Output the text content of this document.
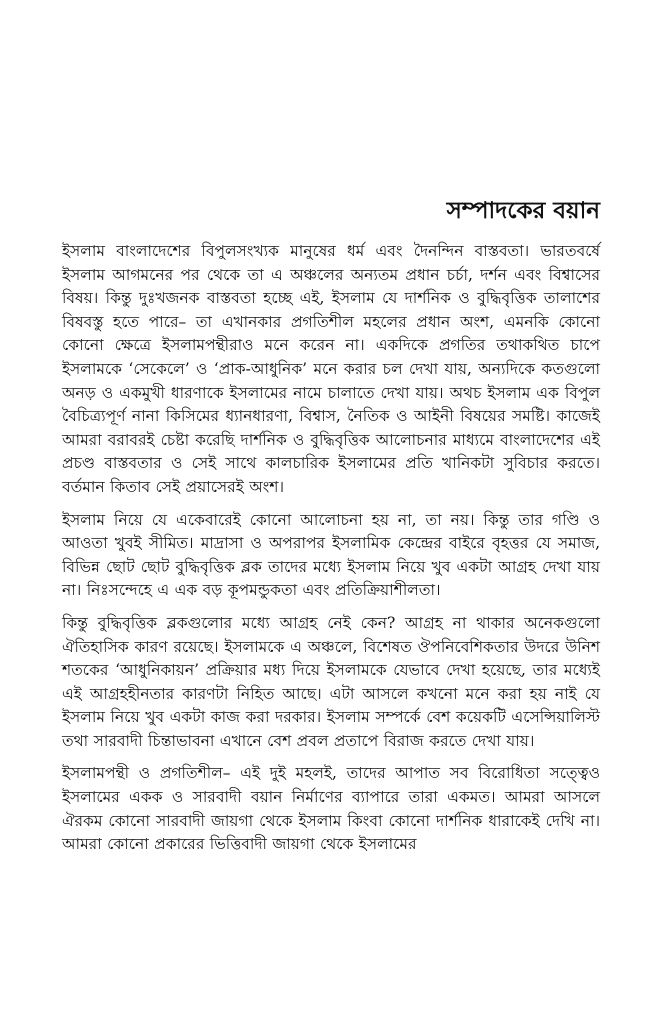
সম্পাদকের বয়ান

ইসলাম বাংলাদেশের বিপুলসংখ্যক মানুষের ধর্ম এবং দৈনন্দিন বাস্তবতা। ভারতবর্ষে ইসলাম আগমনের পর থেকে তা এ অঞ্চলের অন্যতম প্রধান চর্চা, দর্শন এবং বিশ্বাসের বিষয়। কিন্তু দুঃখজনক বাস্তবতা হচ্ছে এই, ইসলাম যে দার্শনিক ও বুদ্ধিবৃত্তিক তালাশের বিষবস্তু হতে পারে– তা এখানকার প্রগতিশীল মহলের প্রধান অংশ, এমনকি কোনো কোনো ক্ষেত্রে ইসলামপন্থীরাও মনে করেন না। একদিকে প্রগতির তথাকথিত চাপে ইসলামকে ‘সেকেলে’ ও ‘প্রাক-আধুনিক’ মনে করার চল দেখা যায়, অন্যদিকে কতগুলো অনড় ও একমুখী ধারণাকে ইসলামের নামে চালাতে দেখা যায়। অথচ ইসলাম এক বিপুল বৈচিত্র্যপূর্ণ নানা কিসিমের ধ্যানধারণা, বিশ্বাস, নৈতিক ও আইনী বিষয়ের সমষ্টি। কাজেই আমরা বরাবরই চেষ্টা করেছি দার্শনিক ও বুদ্ধিবৃত্তিক আলোচনার মাধ্যমে বাংলাদেশের এই প্রচণ্ড বাস্তবতার ও সেই সাথে কালচারিক ইসলামের প্রতি খানিকটা সুবিচার করতে। বর্তমান কিতাব সেই প্রয়াসেরই অংশ।

ইসলাম নিয়ে যে একেবারেই কোনো আলোচনা হয় না, তা নয়। কিন্তু তার গণ্ডি ও আওতা খুবই সীমিত। মাদ্রাসা ও অপরাপর ইসলামিক কেন্দ্রের বাইরে বৃহত্তর যে সমাজ, বিভিন্ন ছোট ছোট বুদ্ধিবৃত্তিক ব্লক তাদের মধ্যে ইসলাম নিয়ে খুব একটা আগ্রহ দেখা যায় না। নিঃসন্দেহে এ এক বড় কূপমন্ডুকতা এবং প্রতিক্রিয়াশীলতা।

কিন্তু বুদ্ধিবৃত্তিক ব্লকগুলোর মধ্যে আগ্রহ নেই কেন? আগ্রহ না থাকার অনেকগুলো ঐতিহাসিক কারণ রয়েছে। ইসলামকে এ অঞ্চলে, বিশেষত ঔপনিবেশিকতার উদরে উনিশ শতকের ‘আধুনিকায়ন’ প্রক্রিয়ার মধ্য দিয়ে ইসলামকে যেভাবে দেখা হয়েছে, তার মধ্যেই এই আগ্রহহীনতার কারণটা নিহিত আছে। এটা আসলে কখনো মনে করা হয় নাই যে ইসলাম নিয়ে খুব একটা কাজ করা দরকার। ইসলাম সম্পর্কে বেশ কয়েকটি এসেন্সিয়ালিস্ট তথা সারবাদী চিন্তাভাবনা এখানে বেশ প্রবল প্রতাপে বিরাজ করতে দেখা যায়।

ইসলামপন্থী ও প্রগতিশীল– এই দুই মহলই, তাদের আপাত সব বিরোধিতা সত্ত্বেও ইসলামের একক ও সারবাদী বয়ান নির্মাণের ব্যাপারে তারা একমত। আমরা আসলে ঐরকম কোনো সারবাদী জায়গা থেকে ইসলাম কিংবা কোনো দার্শনিক ধারাকেই দেখি না। আমরা কোনো প্রকারের ভিত্তিবাদী জায়গা থেকে ইসলামের
